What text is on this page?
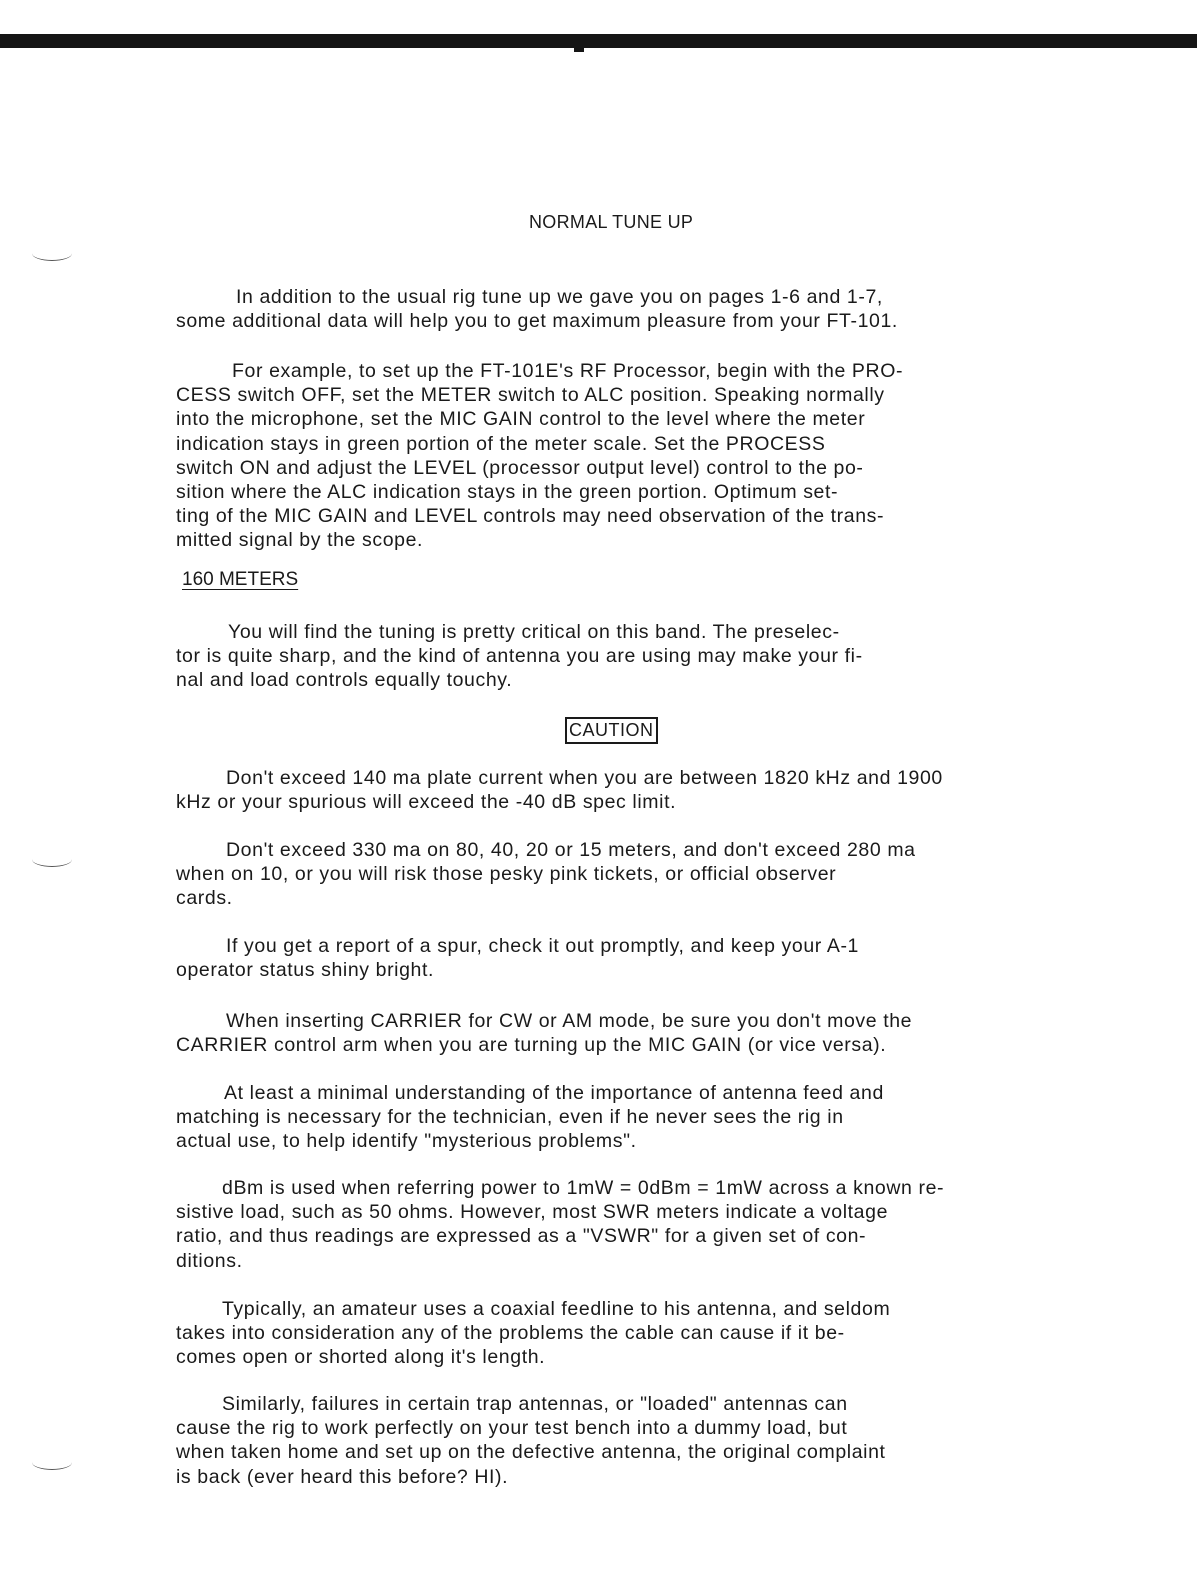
NORMAL TUNE UP

In addition to the usual rig tune up we gave you on pages 1-6 and 1-7,
some additional data will help you to get maximum pleasure from your FT-101.

For example, to set up the FT-101E's RF Processor, begin with the PRO-
CESS switch OFF, set the METER switch to ALC position. Speaking normally
into the microphone, set the MIC GAIN control to the level where the meter
indication stays in green portion of the meter scale. Set the PROCESS
switch ON and adjust the LEVEL (processor output level) control to the po-
sition where the ALC indication stays in the green portion. Optimum set-
ting of the MIC GAIN and LEVEL controls may need observation of the trans-
mitted signal by the scope.

160 METERS

You will find the tuning is pretty critical on this band. The preselec-
tor is quite sharp, and the kind of antenna you are using may make your fi-
nal and load controls equally touchy.

CAUTION

Don't exceed 140 ma plate current when you are between 1820 kHz and 1900
kHz or your spurious will exceed the -40 dB spec limit.

Don't exceed 330 ma on 80, 40, 20 or 15 meters, and don't exceed 280 ma
when on 10, or you will risk those pesky pink tickets, or official observer
cards.

If you get a report of a spur, check it out promptly, and keep your A-1
operator status shiny bright.

When inserting CARRIER for CW or AM mode, be sure you don't move the
CARRIER control arm when you are turning up the MIC GAIN (or vice versa).

At least a minimal understanding of the importance of antenna feed and
matching is necessary for the technician, even if he never sees the rig in
actual use, to help identify "mysterious problems".

dBm is used when referring power to 1mW = 0dBm = 1mW across a known re-
sistive load, such as 50 ohms. However, most SWR meters indicate a voltage
ratio, and thus readings are expressed as a "VSWR" for a given set of con-
ditions.

Typically, an amateur uses a coaxial feedline to his antenna, and seldom
takes into consideration any of the problems the cable can cause if it be-
comes open or shorted along it's length.

Similarly, failures in certain trap antennas, or "loaded" antennas can
cause the rig to work perfectly on your test bench into a dummy load, but
when taken home and set up on the defective antenna, the original complaint
is back (ever heard this before? HI).
